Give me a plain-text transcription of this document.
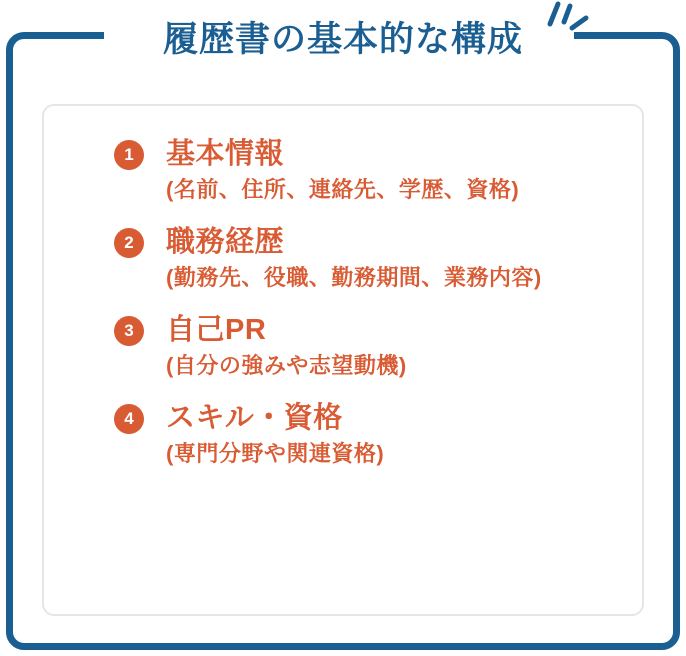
履歴書の基本的な構成
1	基本情報
(名前、住所、連絡先、学歴、資格)
2	職務経歴
(勤務先、役職、勤務期間、業務内容)
3	自己PR
(自分の強みや志望動機)
4	スキル・資格
(専門分野や関連資格)
